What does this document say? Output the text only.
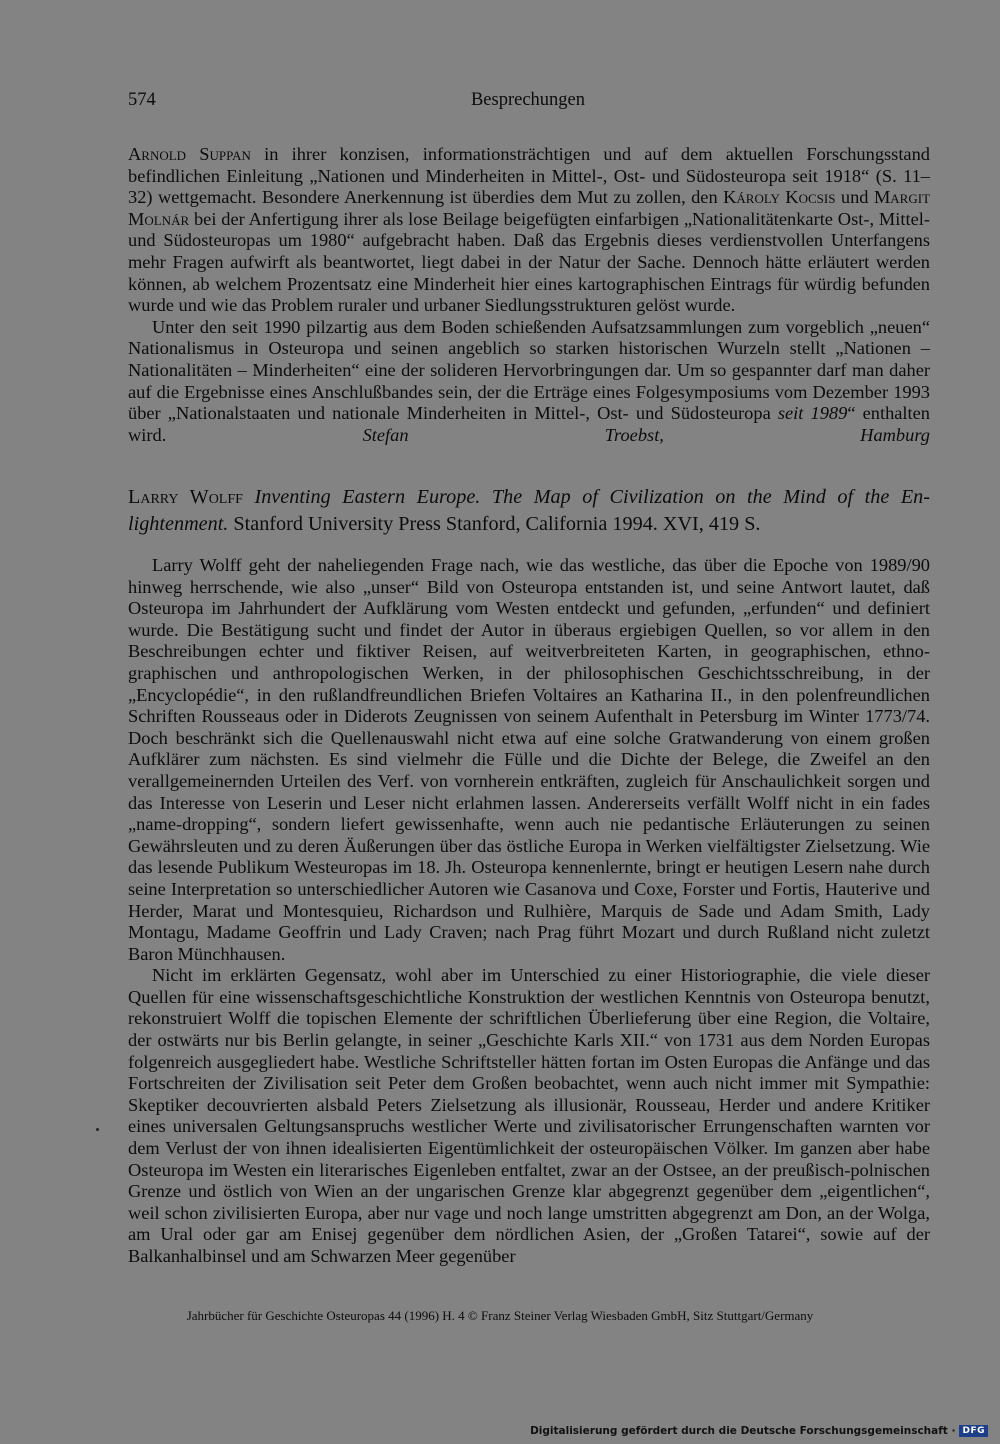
574	Besprechungen

Arnold Suppan in ihrer konzisen, informationsträchtigen und auf dem aktuellen Forschungsstand befindlichen Einleitung „Nationen und Minderheiten in Mittel-, Ost- und Südosteuropa seit 1918“ (S. 11–32) wettgemacht. Besondere Anerkennung ist überdies dem Mut zu zollen, den Károly Kocsis und Margit Molnár bei der Anfertigung ihrer als lose Beilage beigefügten einfarbigen „Nationalitätenkarte Ost-, Mittel- und Südosteuropas um 1980“ aufgebracht haben. Daß das Ergebnis dieses verdienstvollen Unterfangens mehr Fragen aufwirft als beantwortet, liegt dabei in der Natur der Sache. Dennoch hätte erläutert werden können, ab welchem Prozentsatz eine Minderheit hier eines kartographischen Eintrags für würdig befunden wurde und wie das Problem ruraler und urbaner Siedlungsstrukturen gelöst wurde.

Unter den seit 1990 pilzartig aus dem Boden schießenden Aufsatzsammlungen zum vorgeblich „neuen“ Nationalismus in Osteuropa und seinen angeblich so starken historischen Wurzeln stellt „Nationen – Nationalitäten – Minderheiten“ eine der solideren Hervorbringungen dar. Um so gespannter darf man daher auf die Ergebnisse eines Anschlußbandes sein, der die Erträge eines Folgesymposiums vom Dezember 1993 über „Nationalstaaten und nationale Minderheiten in Mittel-, Ost- und Südosteuropa seit 1989“ enthalten wird.	Stefan Troebst, Hamburg

Larry Wolff Inventing Eastern Europe. The Map of Civilization on the Mind of the Enlightenment. Stanford University Press Stanford, California 1994. XVI, 419 S.

Larry Wolff geht der naheliegenden Frage nach, wie das westliche, das über die Epoche von 1989/90 hinweg herrschende, wie also „unser“ Bild von Osteuropa entstanden ist, und seine Antwort lautet, daß Osteuropa im Jahrhundert der Aufklärung vom Westen entdeckt und gefunden, „erfunden“ und definiert wurde. Die Bestätigung sucht und findet der Autor in überaus ergiebigen Quellen, so vor allem in den Beschreibungen echter und fiktiver Reisen, auf weitverbreiteten Karten, in geographischen, ethnographischen und anthropologischen Werken, in der philosophischen Geschichtsschreibung, in der „Encyclopédie“, in den rußlandfreundlichen Briefen Voltaires an Katharina II., in den polenfreundlichen Schriften Rousseaus oder in Diderots Zeugnissen von seinem Aufenthalt in Petersburg im Winter 1773/74. Doch beschränkt sich die Quellenauswahl nicht etwa auf eine solche Gratwanderung von einem großen Aufklärer zum nächsten. Es sind vielmehr die Fülle und die Dichte der Belege, die Zweifel an den verallgemeinernden Urteilen des Verf. von vornherein entkräften, zugleich für Anschaulichkeit sorgen und das Interesse von Leserin und Leser nicht erlahmen lassen. Andererseits verfällt Wolff nicht in ein fades „name-dropping“, sondern liefert gewissenhafte, wenn auch nie pedantische Erläuterungen zu seinen Gewährsleuten und zu deren Äußerungen über das östliche Europa in Werken vielfältigster Zielsetzung. Wie das lesende Publikum Westeuropas im 18. Jh. Osteuropa kennenlernte, bringt er heutigen Lesern nahe durch seine Interpretation so unterschiedlicher Autoren wie Casanova und Coxe, Forster und Fortis, Hauterive und Herder, Marat und Montesquieu, Richardson und Rulhière, Marquis de Sade und Adam Smith, Lady Montagu, Madame Geoffrin und Lady Craven; nach Prag führt Mozart und durch Rußland nicht zuletzt Baron Münchhausen.

Nicht im erklärten Gegensatz, wohl aber im Unterschied zu einer Historiographie, die viele dieser Quellen für eine wissenschaftsgeschichtliche Konstruktion der westlichen Kenntnis von Osteuropa benutzt, rekonstruiert Wolff die topischen Elemente der schriftlichen Überlieferung über eine Region, die Voltaire, der ostwärts nur bis Berlin gelangte, in seiner „Geschichte Karls XII.“ von 1731 aus dem Norden Europas folgenreich ausgegliedert habe. Westliche Schriftsteller hätten fortan im Osten Europas die Anfänge und das Fortschreiten der Zivilisation seit Peter dem Großen beobachtet, wenn auch nicht immer mit Sympathie: Skeptiker decouvrierten alsbald Peters Zielsetzung als illusionär, Rousseau, Herder und andere Kritiker eines universalen Geltungsanspruchs westlicher Werte und zivilisatorischer Errungenschaften warnten vor dem Verlust der von ihnen idealisierten Eigentümlichkeit der osteuropäischen Völker. Im ganzen aber habe Osteuropa im Westen ein literarisches Eigenleben entfaltet, zwar an der Ostsee, an der preußisch-polnischen Grenze und östlich von Wien an der ungarischen Grenze klar abgegrenzt gegenüber dem „eigentlichen“, weil schon zivilisierten Europa, aber nur vage und noch lange umstritten abgegrenzt am Don, an der Wolga, am Ural oder gar am Enisej gegenüber dem nördlichen Asien, der „Großen Tatarei“, sowie auf der Balkanhalbinsel und am Schwarzen Meer gegenüber

Jahrbücher für Geschichte Osteuropas 44 (1996) H. 4 © Franz Steiner Verlag Wiesbaden GmbH, Sitz Stuttgart/Germany
Digitalisierung gefördert durch die Deutsche Forschungsgemeinschaft · DFG
